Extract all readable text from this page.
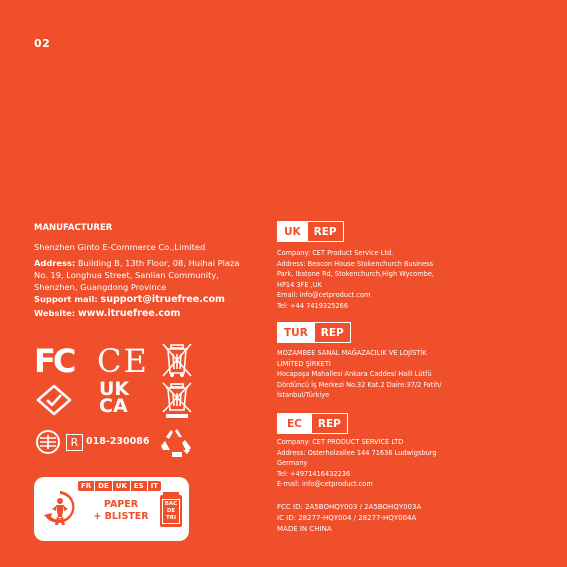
02
MANUFACTURER
Shenzhen Ginto E-Commerce Co.,Limited
Address: Building B, 13th Floor, 08, Huihai Plaza
No. 19, Longhua Street, Sanlian Community,
Shenzhen, Guangdong Province
Support mail: support@itruefree.com
Website: www.itruefree.com
UK	REP
Company: CET Product Service Ltd.
Address: Beacon House Stokenchurch Business
Park, Ibstone Rd, Stokenchurch,High Wycombe,
HP14 3FE ,UK
Email: info@cetproduct.com
Tel: +44 7419325266
TUR	REP
MOZAMBEE SANAL MAĞAZACILIK VE LOJİSTİK
LİMİTED ŞİRKETİ
Hocapaşa Mahallesi Ankara Caddesi Halil Lütfü
Dördüncü İş Merkezi No.32 Kat.2 Daire:37/2 Fatih/
İstanbul/Türkiye
EC	REP
Company: CET PRODUCT SERVICE LTD
Address: Osterholzallee 144 71636 Ludwigsburg
Germany
Tel: +4971416432236
E-mail: info@cetproduct.com
FCC ID: 2A5BOHQY003 / 2A5BOHQY003A
IC ID: 28277-HQY004 / 28277-HQY004A
MADE IN CHINA
FC CE
UK
CA
R 018-230086
FR	DE	UK	ES	IT
PAPER
+ BLISTER
BAC
DE
TRI
